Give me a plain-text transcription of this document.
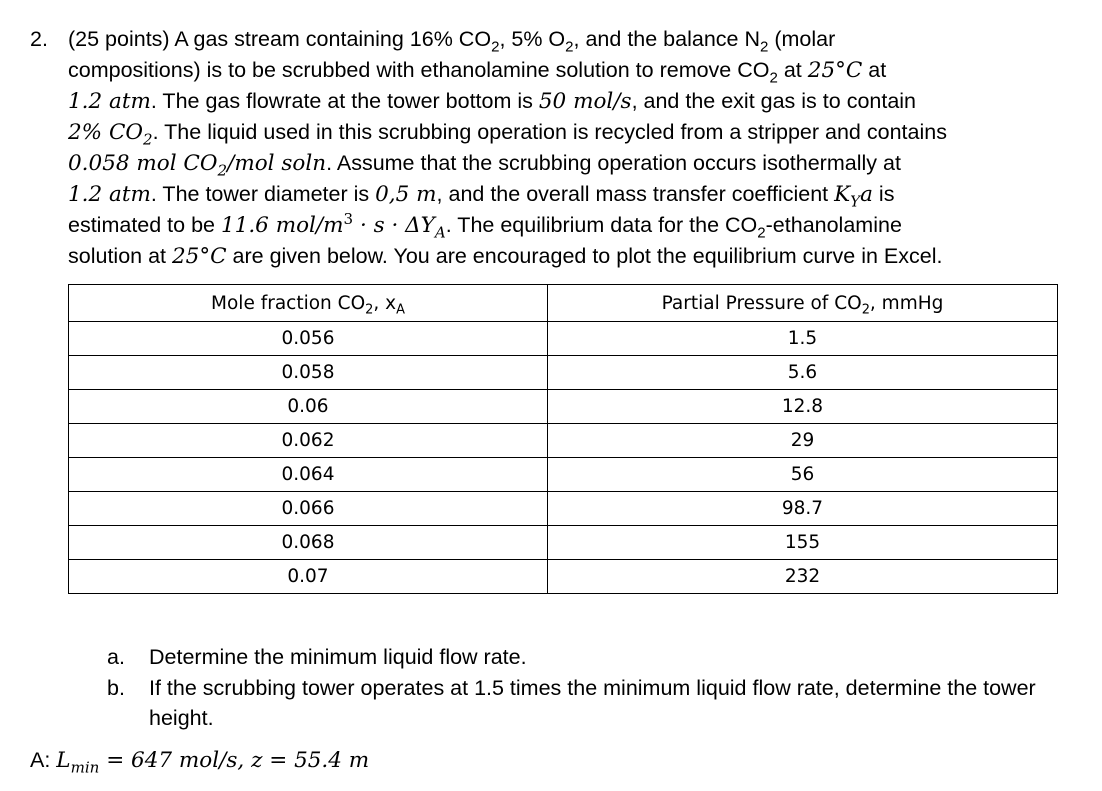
2. (25 points) A gas stream containing 16% $CO_2$, 5% $O_2$, and the balance $N_2$ (molar
compositions) is to be scrubbed with ethanolamine solution to remove $CO_2$ at 25°C at
1.2 atm. The gas flowrate at the tower bottom is 50 mol/s, and the exit gas is to contain
2% $CO_2$. The liquid used in this scrubbing operation is recycled from a stripper and contains
0.058 mol $CO_2$/mol soln. Assume that the scrubbing operation occurs isothermally at
1.2 atm. The tower diameter is 0,5 m, and the overall mass transfer coefficient $K_Ya$ is
estimated to be 11.6 mol/$m^3 \cdot s \cdot \Delta Y_A$. The equilibrium data for the $CO_2$-ethanolamine
solution at 25°C are given below. You are encouraged to plot the equilibrium curve in Excel.
Mole fraction $CO_2$, $x_A$	Partial Pressure of $CO_2$, mmHg
0.056	1.5
0.058	5.6
0.06	12.8
0.062	29
0.064	56
0.066	98.7
0.068	155
0.07	232
a.	Determine the minimum liquid flow rate.
b.	If the scrubbing tower operates at 1.5 times the minimum liquid flow rate, determine the tower height.
A: $L_{min} = 647$ mol/s, z = 55.4 m
